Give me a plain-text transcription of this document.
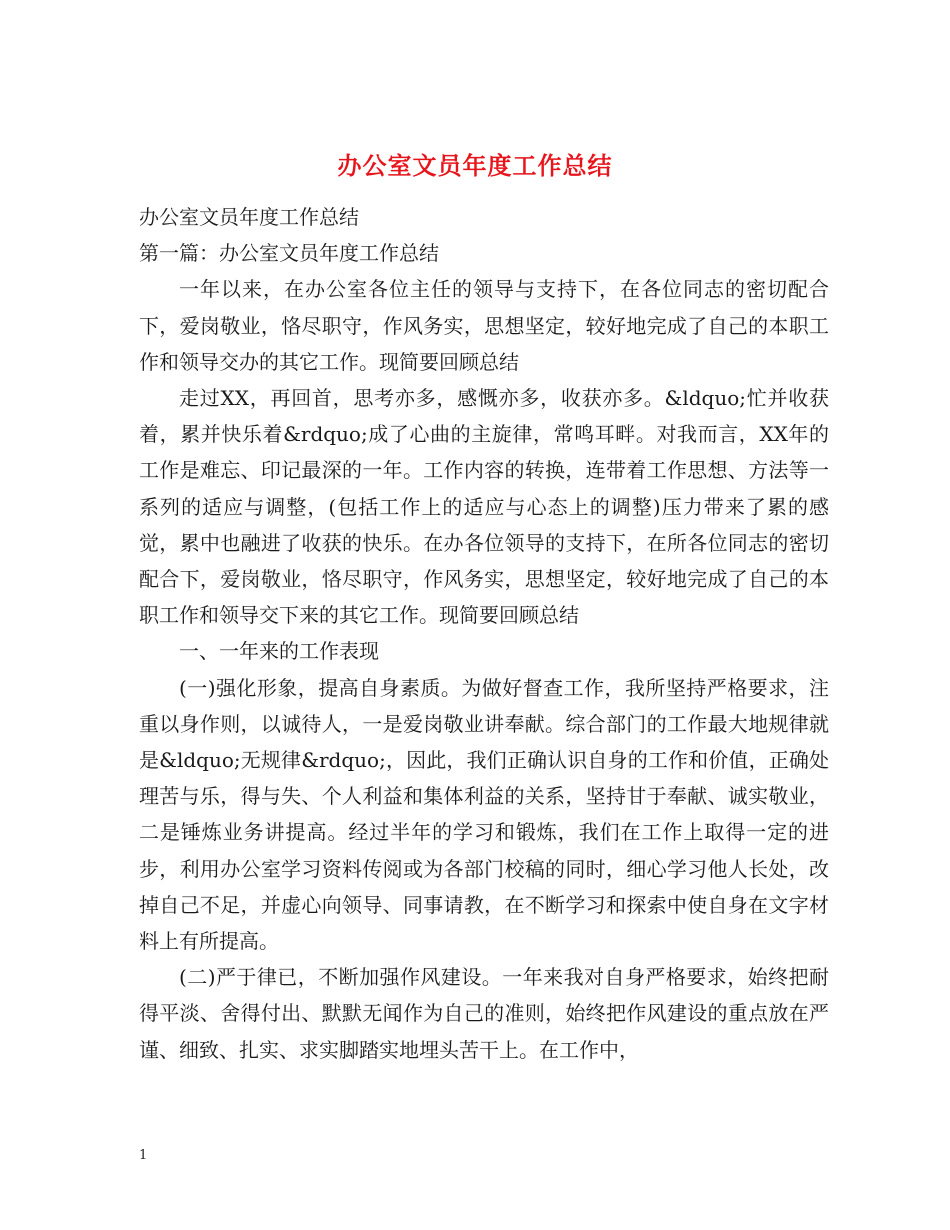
办公室文员年度工作总结

办公室文员年度工作总结

第一篇：办公室文员年度工作总结

一年以来，在办公室各位主任的领导与支持下，在各位同志的密切配合下，爱岗敬业，恪尽职守，作风务实，思想坚定，较好地完成了自己的本职工作和领导交办的其它工作。现简要回顾总结

走过XX，再回首，思考亦多，感慨亦多，收获亦多。&ldquo;忙并收获着，累并快乐着&rdquo;成了心曲的主旋律，常鸣耳畔。对我而言，XX年的工作是难忘、印记最深的一年。工作内容的转换，连带着工作思想、方法等一系列的适应与调整，(包括工作上的适应与心态上的调整)压力带来了累的感觉，累中也融进了收获的快乐。在办各位领导的支持下，在所各位同志的密切配合下，爱岗敬业，恪尽职守，作风务实，思想坚定，较好地完成了自己的本职工作和领导交下来的其它工作。现简要回顾总结

一、一年来的工作表现

(一)强化形象，提高自身素质。为做好督查工作，我所坚持严格要求，注重以身作则，以诚待人，一是爱岗敬业讲奉献。综合部门的工作最大地规律就是&ldquo;无规律&rdquo;，因此，我们正确认识自身的工作和价值，正确处理苦与乐，得与失、个人利益和集体利益的关系，坚持甘于奉献、诚实敬业，二是锤炼业务讲提高。经过半年的学习和锻炼，我们在工作上取得一定的进步，利用办公室学习资料传阅或为各部门校稿的同时，细心学习他人长处，改掉自己不足，并虚心向领导、同事请教，在不断学习和探索中使自身在文字材料上有所提高。

(二)严于律已，不断加强作风建设。一年来我对自身严格要求，始终把耐得平淡、舍得付出、默默无闻作为自己的准则，始终把作风建设的重点放在严谨、细致、扎实、求实脚踏实地埋头苦干上。在工作中，

1
